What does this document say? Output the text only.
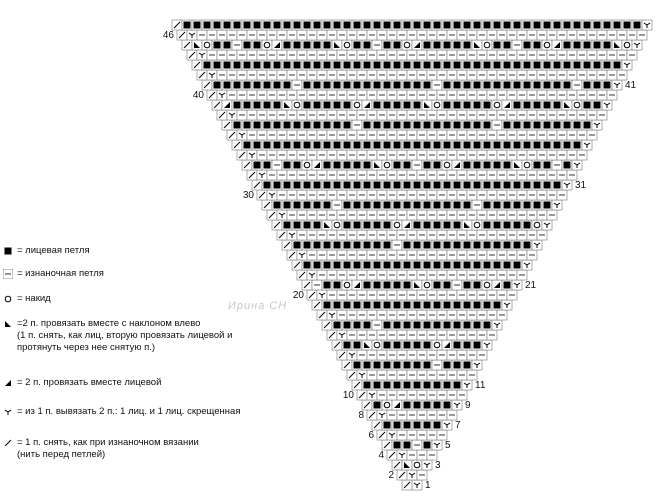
46
40
30
20
10
8
6
4
2
41
31
21
11
9
7
5
3
1
Ирина СН
= лицевая петля
= изнаночная петля
= накид
=2 п. провязать вместе с наклоном влево
(1 п. снять, как лиц, вторую провязать лицевой и
протянуть через нее снятую п.)
= 2 п. провязать вместе лицевой
= из 1 п. вывязать 2 п.: 1 лиц. и 1 лиц. скрещенная
= 1 п. снять, как при изнаночном вязании
(нить перед петлей)
